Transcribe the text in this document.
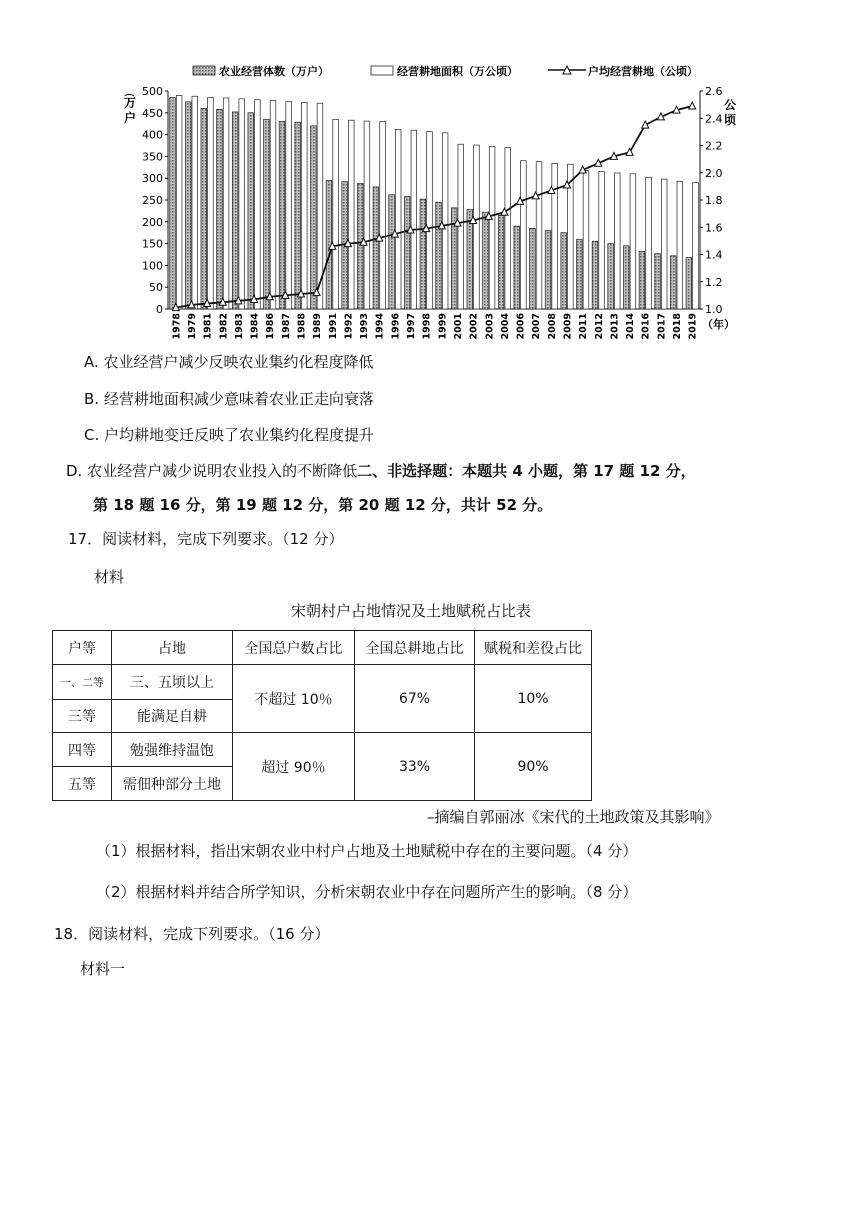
农业经营体数（万户）	经营耕地面积（万公顷）	户均经营耕地（公顷）
500
450
400
350
300
250
200
150
100
50
0
2.6
2.4
2.2
2.0
1.8
1.6
1.4
1.2
1.0
万
户
(
公
顷
（年）
1978 1979 1981 1982 1983 1984 1986 1987 1988 1989 1991 1992 1993 1994 1996 1997 1998 1999 2001 2002 2003 2004 2006 2007 2008 2009 2011 2012 2013 2014 2016 2017 2018 2019
A. 农业经营户减少反映农业集约化程度降低
B. 经营耕地面积减少意味着农业正走向衰落
C. 户均耕地变迁反映了农业集约化程度提升
D. 农业经营户减少说明农业投入的不断降低二、非选择题：本题共 4 小题，第 17 题 12 分，
第 18 题 16 分，第 19 题 12 分，第 20 题 12 分，共计 52 分。
17．阅读材料，完成下列要求。（12 分）
材料
宋朝村户占地情况及土地赋税占比表
户等	占地	全国总户数占比	全国总耕地占比	赋税和差役占比
一、二等	三、五顷以上	不超过 10％	67%	10%
三等	能满足自耕			
四等	勉强维持温饱	超过 90％	33%	90%
五等	需佃种部分土地			
–摘编自郭丽冰《宋代的土地政策及其影响》
（1）根据材料，指出宋朝农业中村户占地及土地赋税中存在的主要问题。（4 分）
（2）根据材料并结合所学知识，分析宋朝农业中存在问题所产生的影响。（8 分）
18．阅读材料，完成下列要求。（16 分）
材料一
